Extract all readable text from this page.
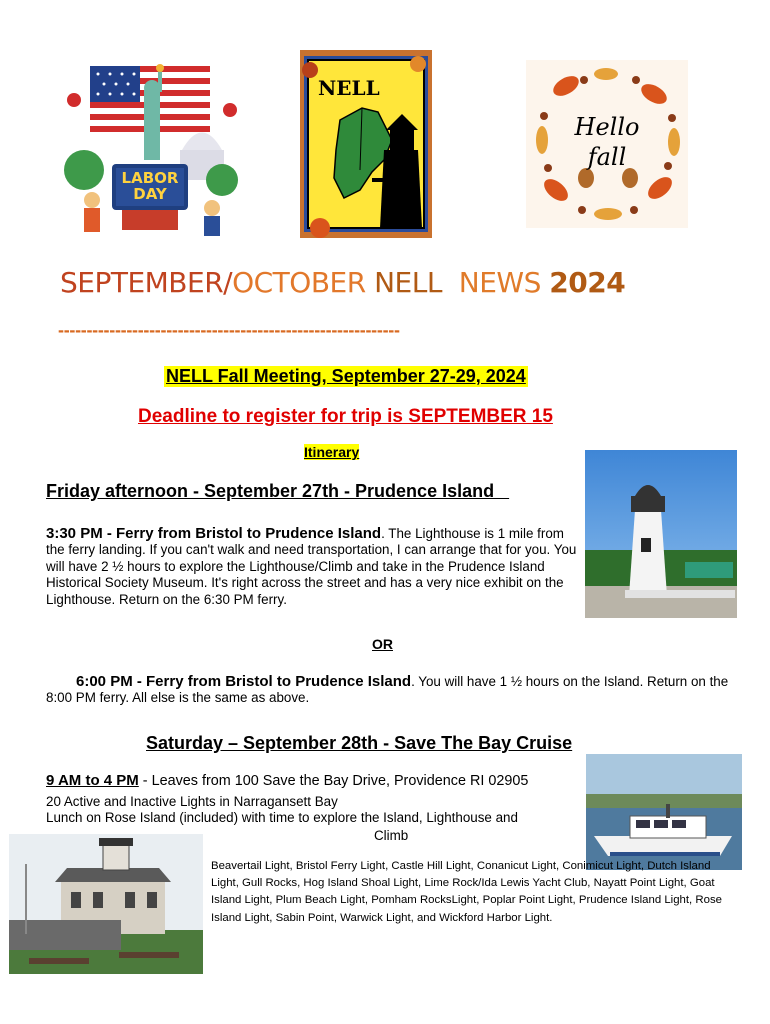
LABOR DAY
NELL
Hello fall
SEPTEMBER/OCTOBER NELL NEWS 2024
------------------------------------------------------------
NELL Fall Meeting, September 27-29, 2024
Deadline to register for trip is SEPTEMBER 15
Itinerary
Friday afternoon - September 27th - Prudence Island
3:30 PM - Ferry from Bristol to Prudence Island. The Lighthouse is 1 mile from the ferry landing. If you can't walk and need transportation, I can arrange that for you. You will have 2 ½ hours to explore the Lighthouse/Climb and take in the Prudence Island Historical Society Museum. It's right across the street and has a very nice exhibit on the Lighthouse. Return on the 6:30 PM ferry.
OR
6:00 PM - Ferry from Bristol to Prudence Island. You will have 1 ½ hours on the Island. Return on the 8:00 PM ferry. All else is the same as above.
Saturday – September 28th - Save The Bay Cruise
9 AM to 4 PM - Leaves from 100 Save the Bay Drive, Providence RI 02905
20 Active and Inactive Lights in Narragansett Bay
Lunch on Rose Island (included) with time to explore the Island, Lighthouse and
Climb
Beavertail Light, Bristol Ferry Light, Castle Hill Light, Conanicut Light, Conimicut Light, Dutch Island Light, Gull Rocks, Hog Island Shoal Light, Lime Rock/Ida Lewis Yacht Club, Nayatt Point Light, Goat Island Light, Plum Beach Light, Pomham RocksLight, Poplar Point Light, Prudence Island Light, Rose Island Light, Sabin Point, Warwick Light, and Wickford Harbor Light.
